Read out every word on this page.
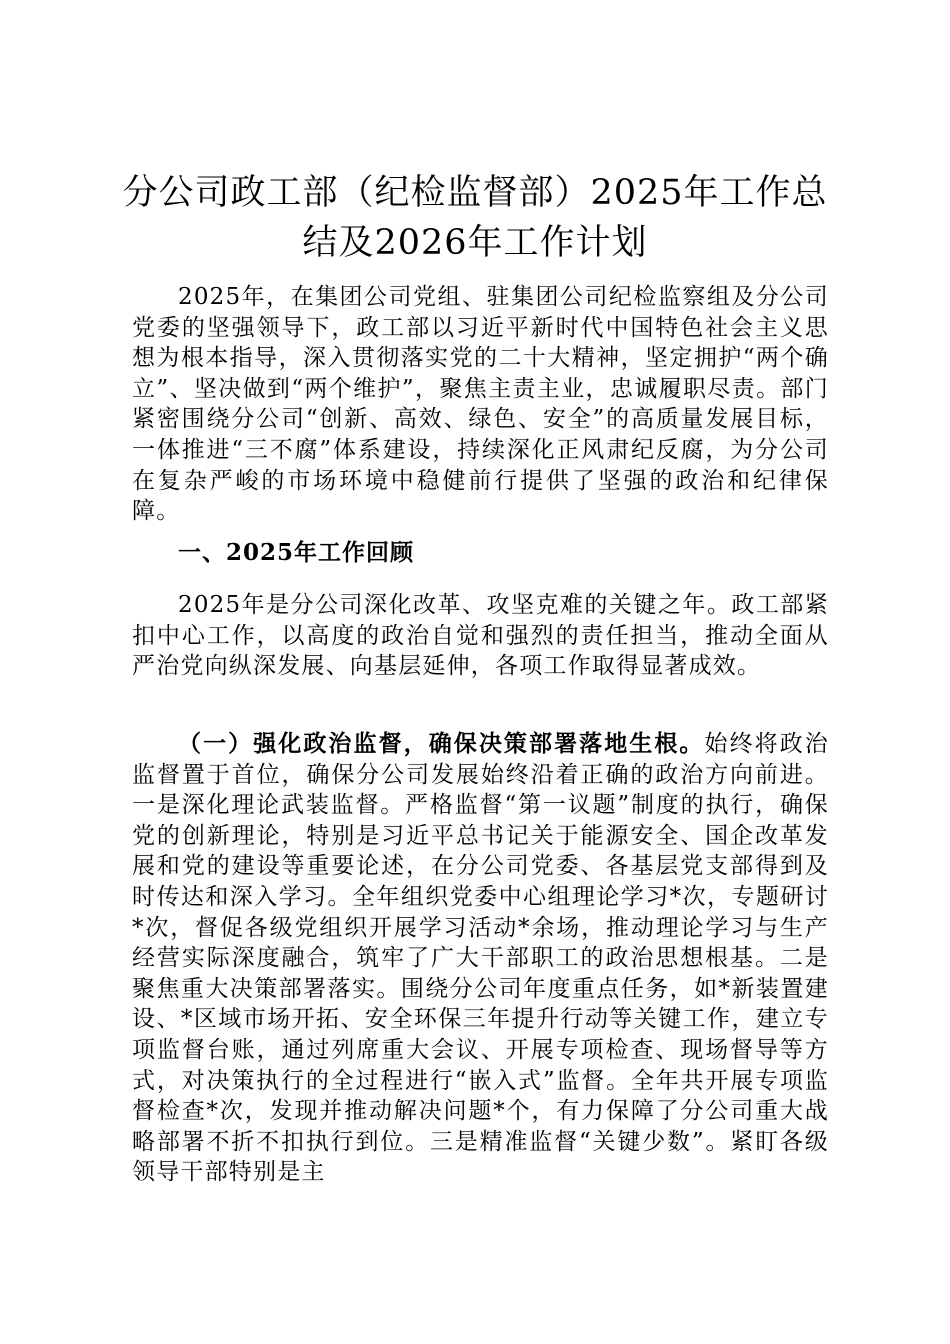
分公司政工部（纪检监督部）2025年工作总
结及2026年工作计划

2025年，在集团公司党组、驻集团公司纪检监察组及分公司党委的坚强领导下，政工部以习近平新时代中国特色社会主义思想为根本指导，深入贯彻落实党的二十大精神，坚定拥护“两个确立”、坚决做到“两个维护”，聚焦主责主业，忠诚履职尽责。部门紧密围绕分公司“创新、高效、绿色、安全”的高质量发展目标，一体推进“三不腐”体系建设，持续深化正风肃纪反腐，为分公司在复杂严峻的市场环境中稳健前行提供了坚强的政治和纪律保障。

一、2025年工作回顾

2025年是分公司深化改革、攻坚克难的关键之年。政工部紧扣中心工作，以高度的政治自觉和强烈的责任担当，推动全面从严治党向纵深发展、向基层延伸，各项工作取得显著成效。

（一）强化政治监督，确保决策部署落地生根。始终将政治监督置于首位，确保分公司发展始终沿着正确的政治方向前进。一是深化理论武装监督。严格监督“第一议题”制度的执行，确保党的创新理论，特别是习近平总书记关于能源安全、国企改革发展和党的建设等重要论述，在分公司党委、各基层党支部得到及时传达和深入学习。全年组织党委中心组理论学习*次，专题研讨*次，督促各级党组织开展学习活动*余场，推动理论学习与生产经营实际深度融合，筑牢了广大干部职工的政治思想根基。二是聚焦重大决策部署落实。围绕分公司年度重点任务，如*新装置建设、*区域市场开拓、安全环保三年提升行动等关键工作，建立专项监督台账，通过列席重大会议、开展专项检查、现场督导等方式，对决策执行的全过程进行“嵌入式”监督。全年共开展专项监督检查*次，发现并推动解决问题*个，有力保障了分公司重大战略部署不折不扣执行到位。三是精准监督“关键少数”。紧盯各级领导干部特别是主
